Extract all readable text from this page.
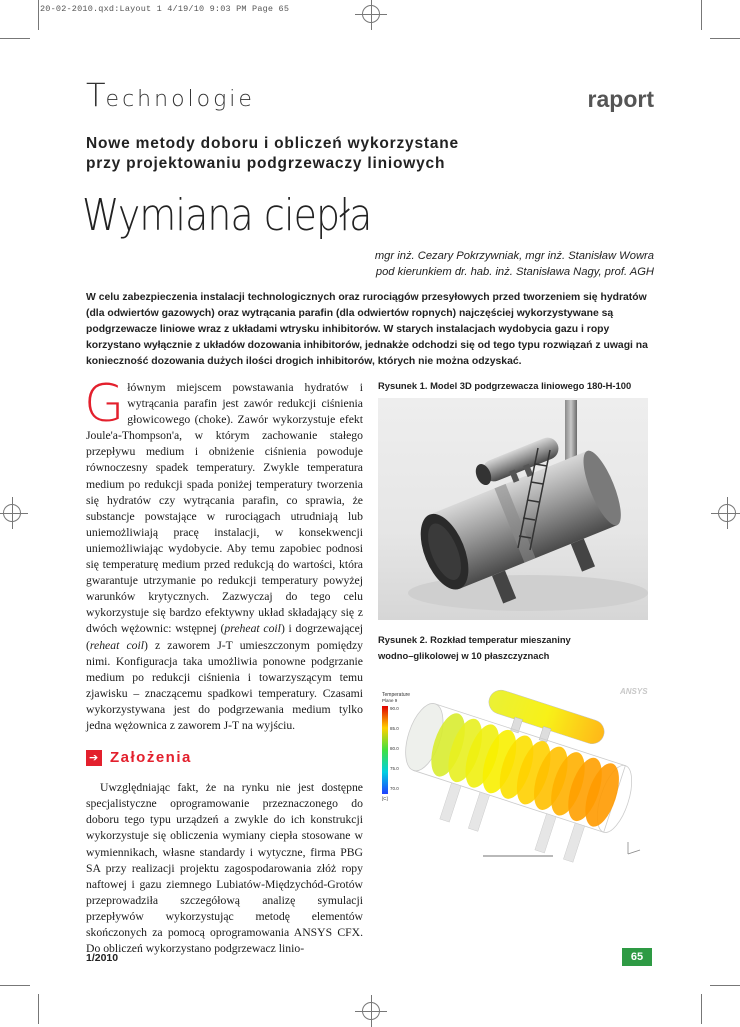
20-02-2010.qxd:Layout 1 4/19/10 9:03 PM Page 65
Technologie	raport
Nowe metody doboru i obliczeń wykorzystane
przy projektowaniu podgrzewaczy liniowych
Wymiana ciepła
mgr inż. Cezary Pokrzywniak, mgr inż. Stanisław Wowra
pod kierunkiem dr. hab. inż. Stanisława Nagy, prof. AGH
W celu zabezpieczenia instalacji technologicznych oraz rurociągów przesyłowych przed tworzeniem się hydratów (dla odwiertów gazowych) oraz wytrącania parafin (dla odwiertów ropnych) najczęściej wykorzystywane są podgrzewacze liniowe wraz z układami wtrysku inhibitorów. W starych instalacjach wydobycia gazu i ropy korzystano wyłącznie z układów dozowania inhibitorów, jednakże odchodzi się od tego typu rozwiązań z uwagi na konieczność dozowania dużych ilości drogich inhibitorów, których nie można odzyskać.

Głównym miejscem powstawania hydratów i wytrącania parafin jest zawór redukcji ciśnienia głowicowego (choke). Zawór wykorzystuje efekt Joule'a-Thompson'a, w którym zachowanie stałego przepływu medium i obniżenie ciśnienia powoduje równoczesny spadek temperatury. Zwykle temperatura medium po redukcji spada poniżej temperatury tworzenia się hydratów czy wytrącania parafin, co sprawia, że substancje powstające w rurociągach utrudniają lub uniemożliwiają pracę instalacji, w konsekwencji uniemożliwiając wydobycie. Aby temu zapobiec podnosi się temperaturę medium przed redukcją do wartości, która gwarantuje utrzymanie po redukcji temperatury powyżej warunków krytycznych. Zazwyczaj do tego celu wykorzystuje się bardzo efektywny układ składający się z dwóch wężownic: wstępnej (preheat coil) i dogrzewającej (reheat coil) z zaworem J-T umieszczonym pomiędzy nimi. Konfiguracja taka umożliwia ponowne podgrzanie medium po redukcji ciśnienia i towarzyszącym temu zjawisku – znaczącemu spadkowi temperatury. Czasami wykorzystywana jest do podgrzewania medium tylko jedna wężownica z zaworem J-T na wyjściu.

➔ Założenia

Uwzględniając fakt, że na rynku nie jest dostępne specjalistyczne oprogramowanie przeznaczonego do doboru tego typu urządzeń a zwykle do ich konstrukcji wykorzystuje się obliczenia wymiany ciepła stosowane w wymiennikach, własne standardy i wytyczne, firma PBG SA przy realizacji projektu zagospodarowania złóż ropy naftowej i gazu ziemnego Lubiatów-Międzychód-Grotów przeprowadziła szczegółową analizę symulacji przepływów wykorzystując metodę elementów skończonych za pomocą oprogramowania ANSYS CFX. Do obliczeń wykorzystano podgrzewacz linio-

Rysunek 1. Model 3D podgrzewacza liniowego 180-H-100
Rysunek 2. Rozkład temperatur mieszaniny
wodno–glikolowej w 10 płaszczyznach
Temperature
Plane 9
90.0
85.0
80.0
75.0
70.0
[C]
ANSYS
1/2010	65
